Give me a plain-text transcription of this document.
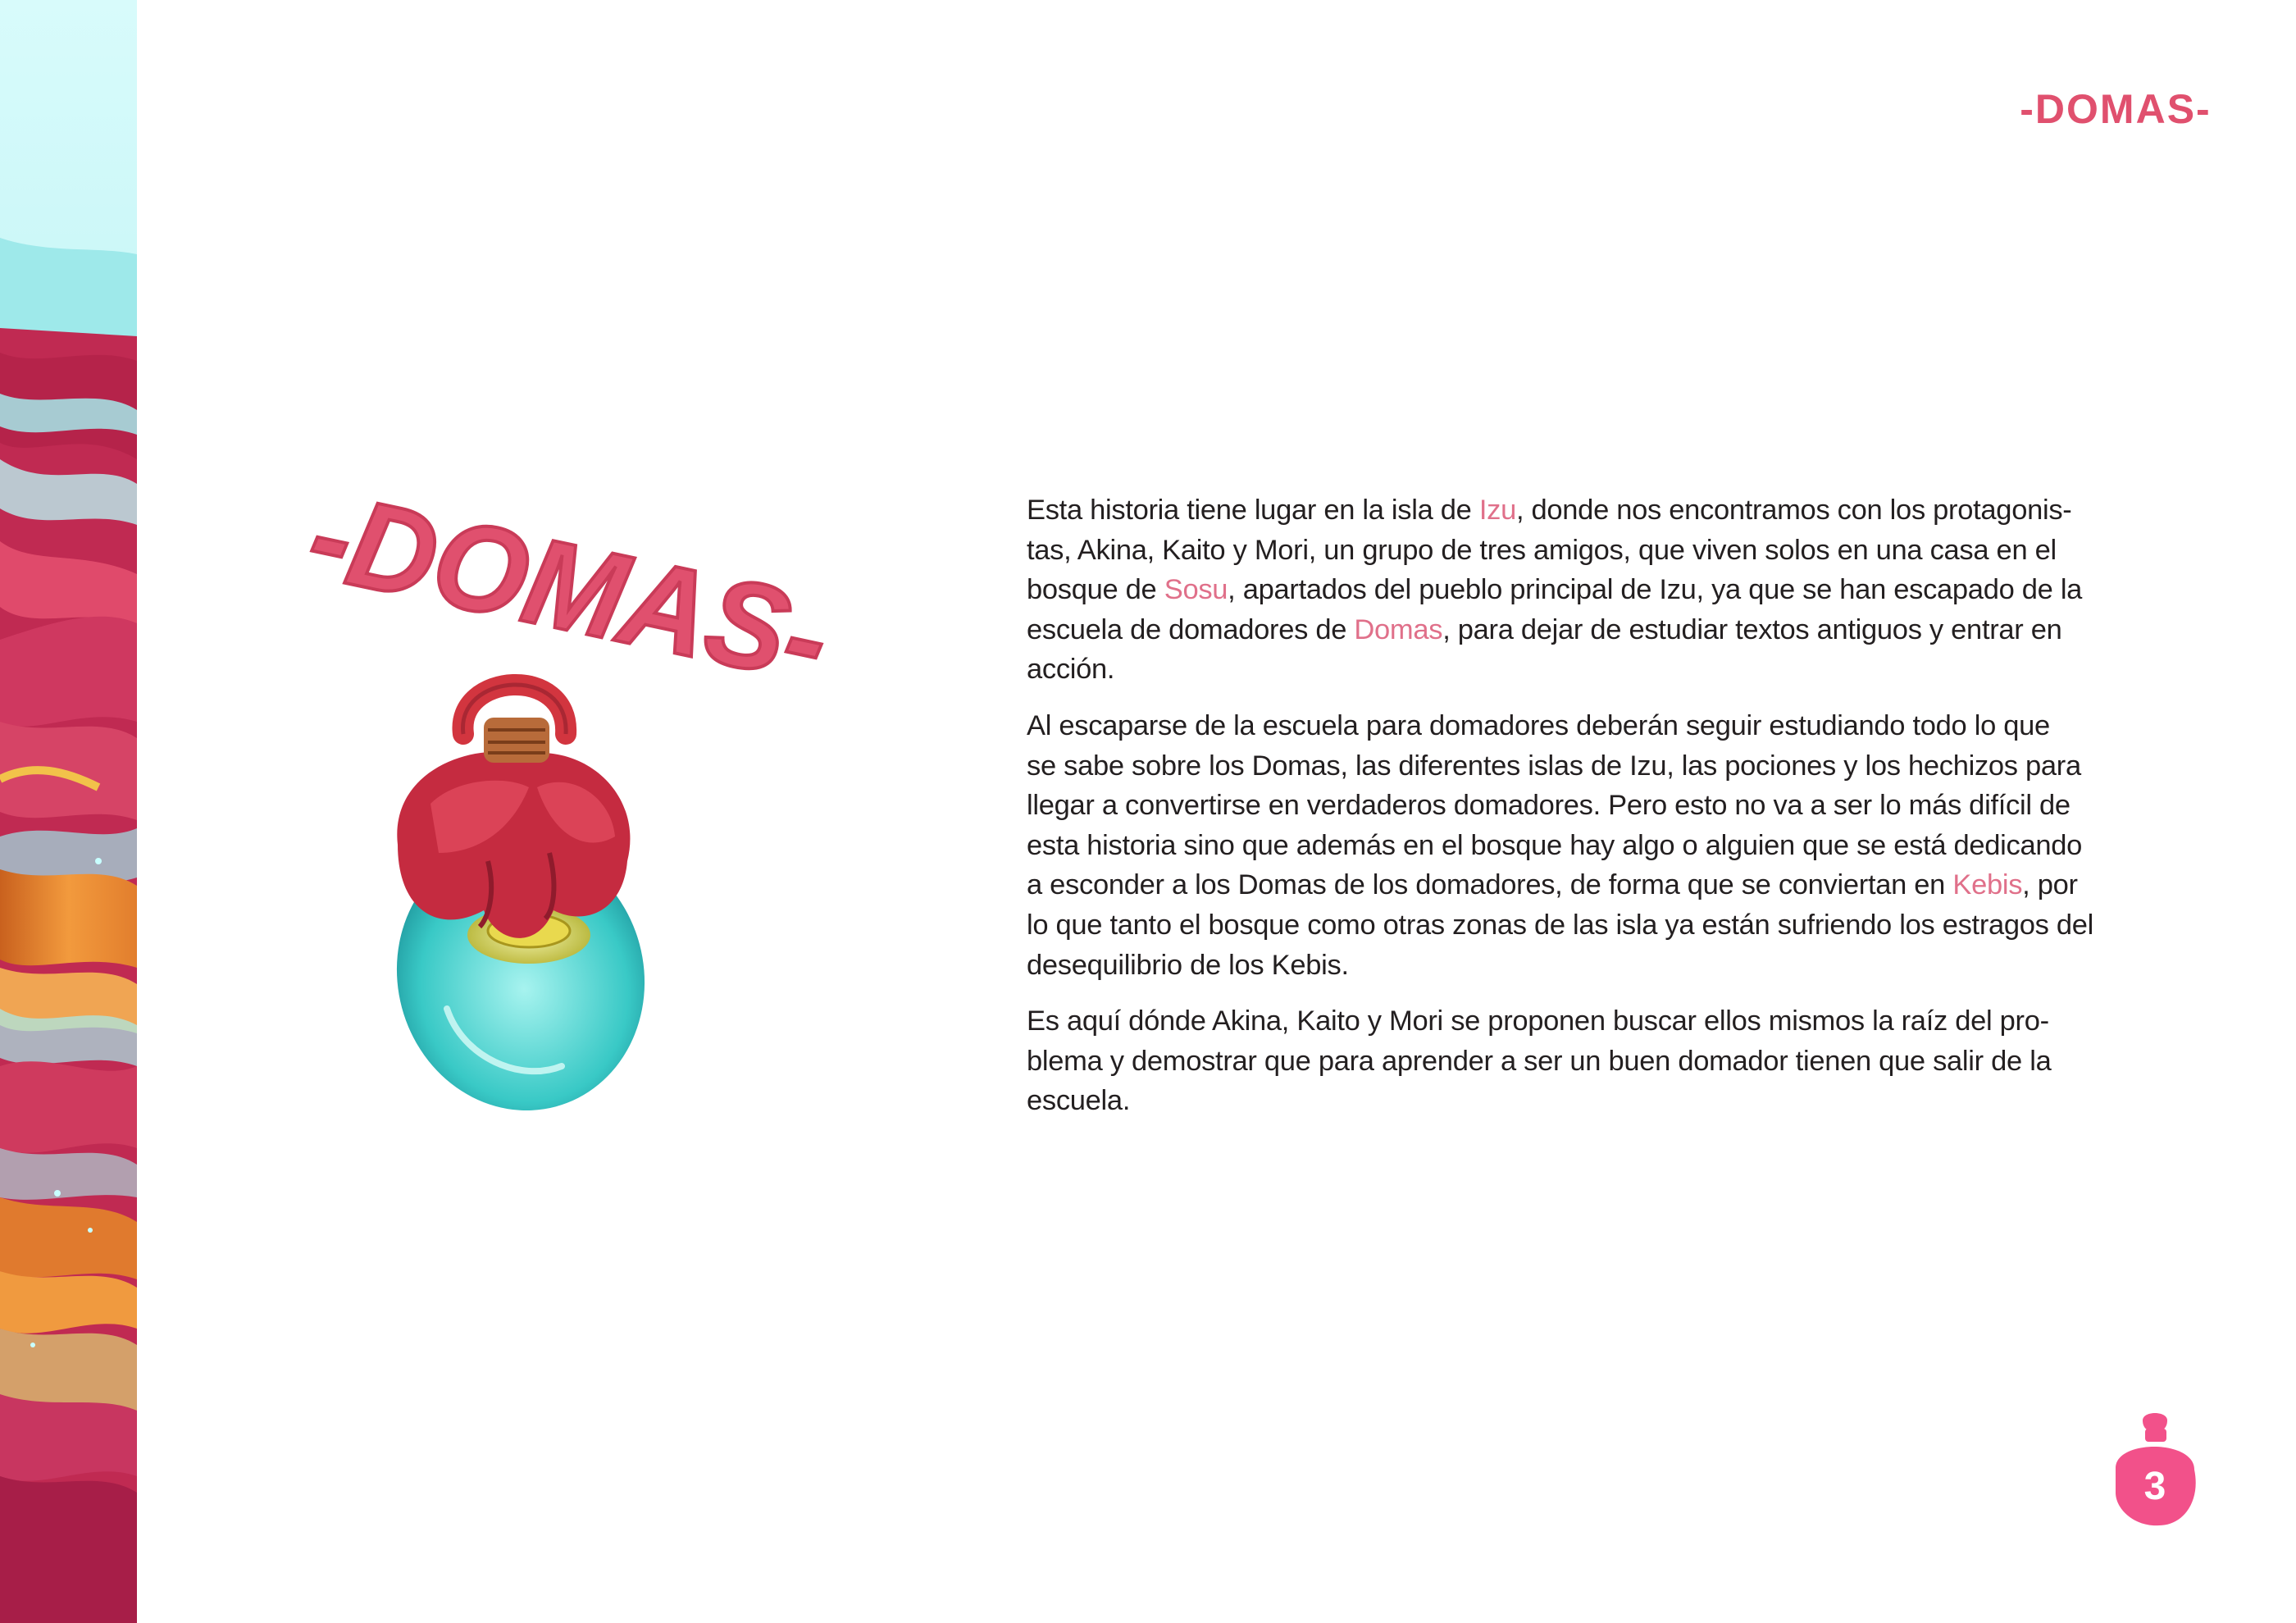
-DOMAS-
-DOMAS-	Esta historia tiene lugar en la isla de Izu, donde nos encontramos con los protagonis-
tas, Akina, Kaito y Mori, un grupo de tres amigos, que viven solos en una casa en el
bosque de Sosu, apartados del pueblo principal de Izu, ya que se han escapado de la
escuela de domadores de Domas, para dejar de estudiar textos antiguos y entrar en
acción.

Al escaparse de la escuela para domadores deberán seguir estudiando todo lo que
se sabe sobre los Domas, las diferentes islas de Izu, las pociones y los hechizos para
llegar a convertirse en verdaderos domadores. Pero esto no va a ser lo más difícil de
esta historia sino que además en el bosque hay algo o alguien que se está dedicando
a esconder a los Domas de los domadores, de forma que se conviertan en Kebis, por
lo que tanto el bosque como otras zonas de las isla ya están sufriendo los estragos del
desequilibrio de los Kebis.

Es aquí dónde Akina, Kaito y Mori se proponen buscar ellos mismos la raíz del pro-
blema y demostrar que para aprender a ser un buen domador tienen que salir de la
escuela.

3
